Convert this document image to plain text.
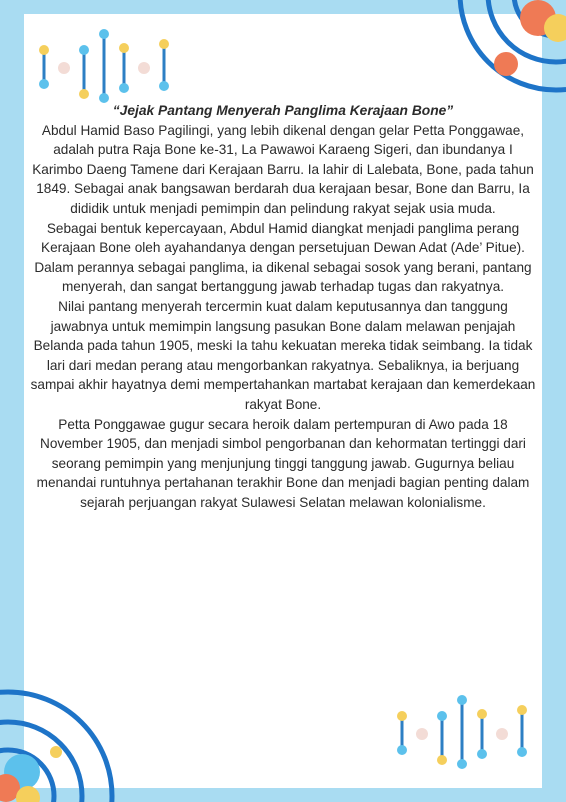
“Jejak Pantang Menyerah Panglima Kerajaan Bone”

Abdul Hamid Baso Pagilingi, yang lebih dikenal dengan gelar Petta Ponggawae, adalah putra Raja Bone ke-31, La Pawawoi Karaeng Sigeri, dan ibundanya I Karimbo Daeng Tamene dari Kerajaan Barru. Ia lahir di Lalebata, Bone, pada tahun 1849. Sebagai anak bangsawan berdarah dua kerajaan besar, Bone dan Barru, Ia dididik untuk menjadi pemimpin dan pelindung rakyat sejak usia muda.

Sebagai bentuk kepercayaan, Abdul Hamid diangkat menjadi panglima perang Kerajaan Bone oleh ayahandanya dengan persetujuan Dewan Adat (Ade’ Pitue). Dalam perannya sebagai panglima, ia dikenal sebagai sosok yang berani, pantang menyerah, dan sangat bertanggung jawab terhadap tugas dan rakyatnya.

Nilai pantang menyerah tercermin kuat dalam keputusannya dan tanggung jawabnya untuk memimpin langsung pasukan Bone dalam melawan penjajah Belanda pada tahun 1905, meski Ia tahu kekuatan mereka tidak seimbang. Ia tidak lari dari medan perang atau mengorbankan rakyatnya. Sebaliknya, ia berjuang sampai akhir hayatnya demi mempertahankan martabat kerajaan dan kemerdekaan rakyat Bone.

Petta Ponggawae gugur secara heroik dalam pertempuran di Awo pada 18 November 1905, dan menjadi simbol pengorbanan dan kehormatan tertinggi dari seorang pemimpin yang menjunjung tinggi tanggung jawab. Gugurnya beliau menandai runtuhnya pertahanan terakhir Bone dan menjadi bagian penting dalam sejarah perjuangan rakyat Sulawesi Selatan melawan kolonialisme.
